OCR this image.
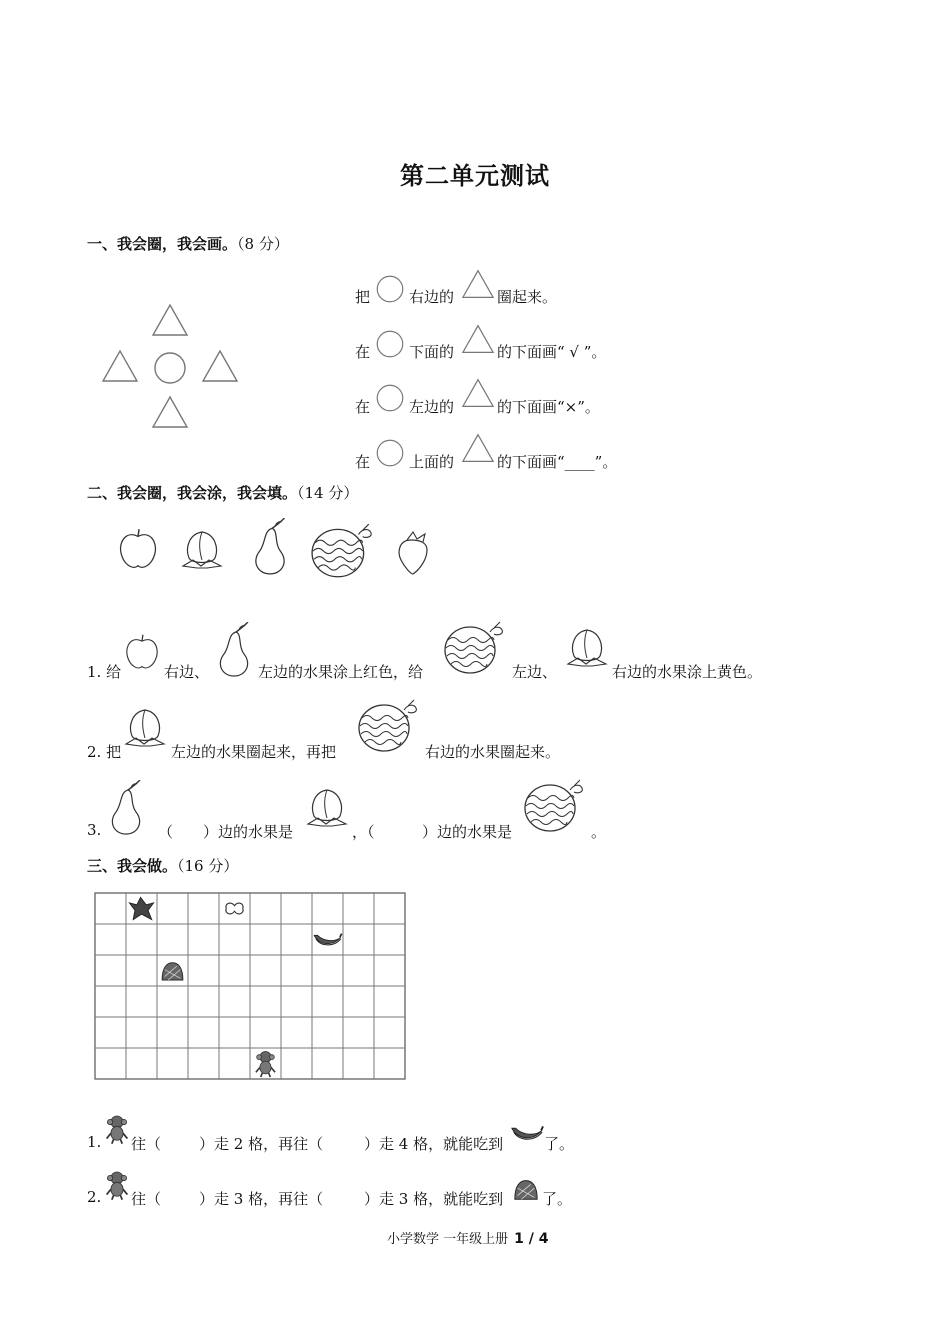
第二单元测试
一、我会圈，我会画。（8 分）
把	右边的	圈起来。
在	下面的	的下面画“ √ ”。
在	左边的	的下面画“×”。
在	上面的	的下面画“____”。
二、我会圈，我会涂，我会填。（14 分）
1. 给	右边、	左边的水果涂上红色，给	左边、	右边的水果涂上黄色。
2. 把	左边的水果圈起来，再把	右边的水果圈起来。
3.	（ ）边的水果是	，（	）边的水果是	。
三、我会做。（16 分）
1. 往（	）走 2 格，再往（	）走 4 格，就能吃到	了。
2. 往（	）走 3 格，再往（	）走 3 格，就能吃到	了。
小学数学 一年级上册 1 / 4
